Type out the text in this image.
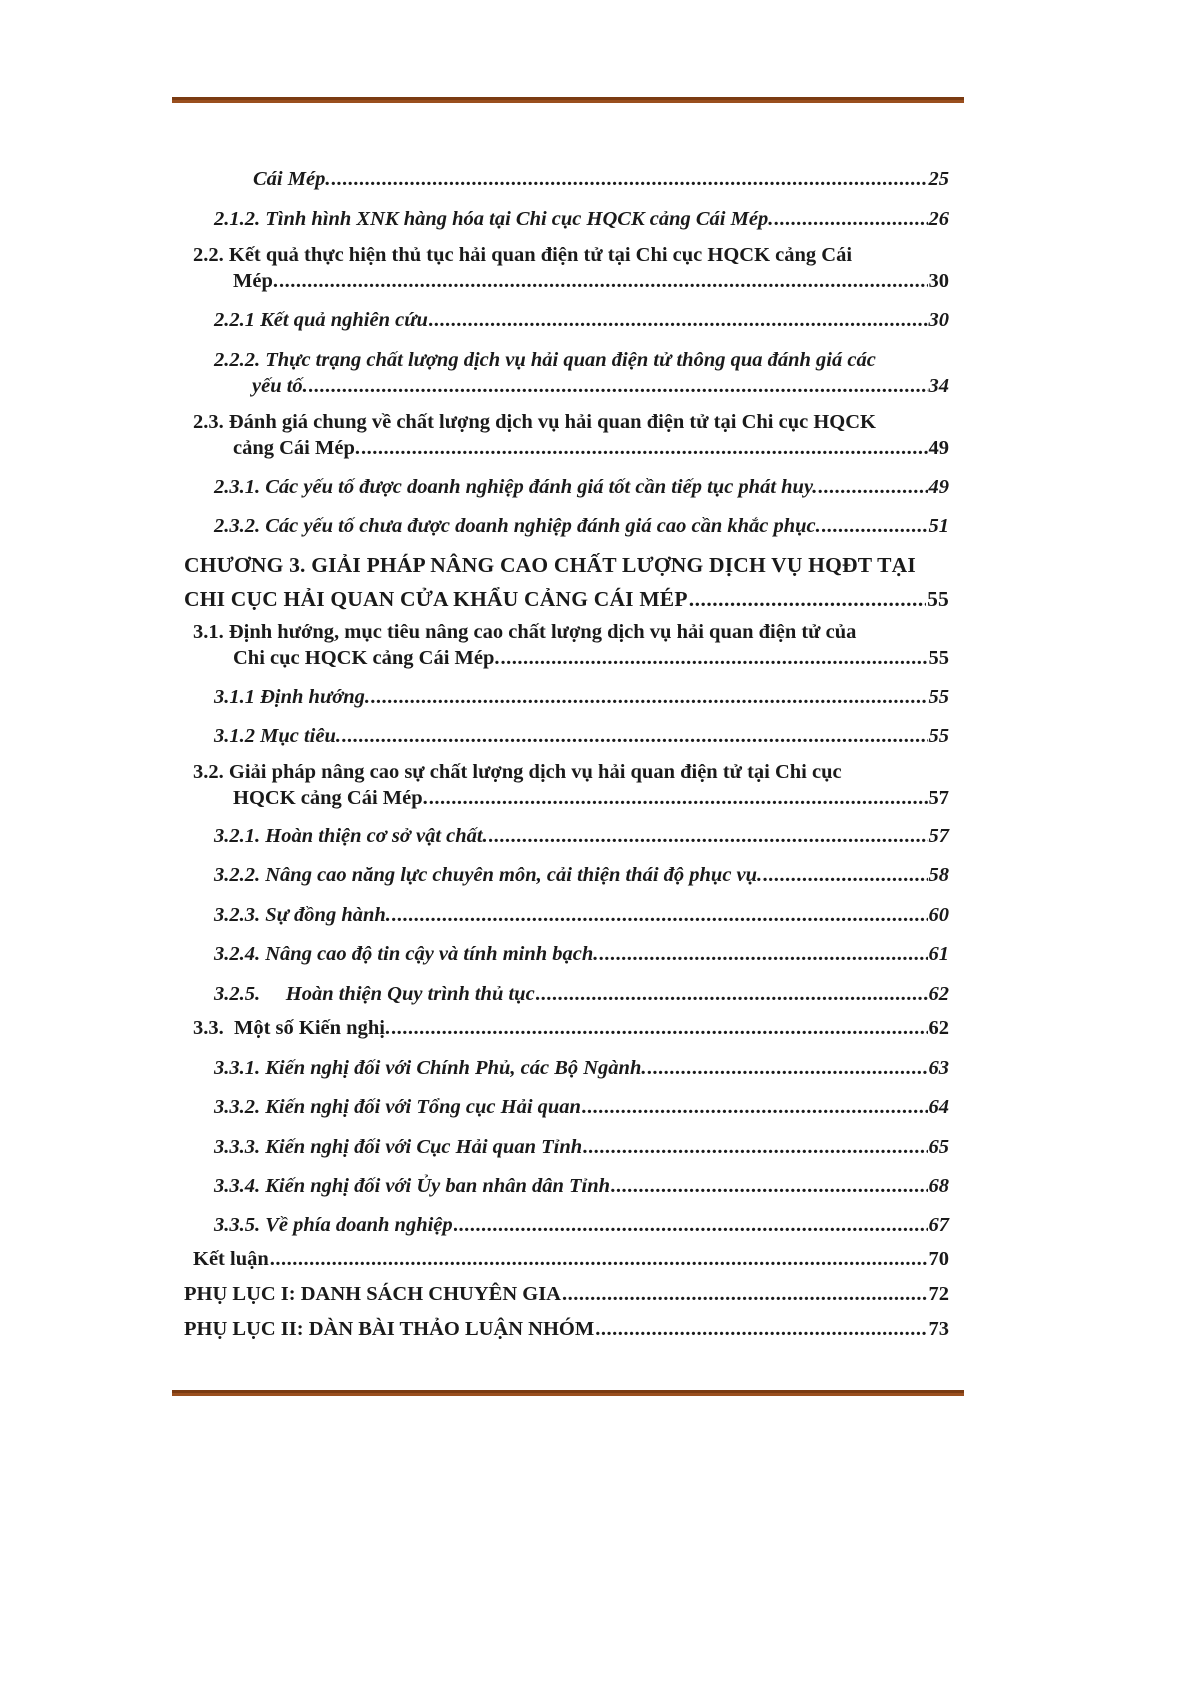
Cái Mép. .....	25
2.1.2. Tình hình XNK hàng hóa tại Chi cục HQCK cảng Cái Mép. .....	26
2.2. Kết quả thực hiện thủ tục hải quan điện tử tại Chi cục HQCK cảng Cái
Mép. .....	30
2.2.1 Kết quả nghiên cứu .....	30
2.2.2. Thực trạng chất lượng dịch vụ hải quan điện tử thông qua đánh giá các
yếu tố. .....	34
2.3. Đánh giá chung về chất lượng dịch vụ hải quan điện tử tại Chi cục HQCK
cảng Cái Mép. .....	49
2.3.1. Các yếu tố được doanh nghiệp đánh giá tốt cần tiếp tục phát huy. .....	49
2.3.2. Các yếu tố chưa được doanh nghiệp đánh giá cao cần khắc phục. .....	51
CHƯƠNG 3. GIẢI PHÁP NÂNG CAO CHẤT LƯỢNG DỊCH VỤ HQĐT TẠI
CHI CỤC HẢI QUAN CỬA KHẨU CẢNG CÁI MÉP .....	55
3.1. Định hướng, mục tiêu nâng cao chất lượng dịch vụ hải quan điện tử của
Chi cục HQCK cảng Cái Mép. .....	55
3.1.1 Định hướng. .....	55
3.1.2 Mục tiêu. .....	55
3.2. Giải pháp nâng cao sự chất lượng dịch vụ hải quan điện tử tại Chi cục
HQCK cảng Cái Mép. .....	57
3.2.1. Hoàn thiện cơ sở vật chất. .....	57
3.2.2. Nâng cao năng lực chuyên môn, cải thiện thái độ phục vụ. .....	58
3.2.3. Sự đồng hành. .....	60
3.2.4. Nâng cao độ tin cậy và tính minh bạch. .....	61
3.2.5.     Hoàn thiện Quy trình thủ tục .....	62
3.3.  Một số Kiến nghị. .....	62
3.3.1. Kiến nghị đối với Chính Phủ, các Bộ Ngành. .....	63
3.3.2. Kiến nghị đối với Tổng cục Hải quan .....	64
3.3.3. Kiến nghị đối với Cục Hải quan Tỉnh .....	65
3.3.4. Kiến nghị đối với Ủy ban nhân dân Tỉnh .....	68
3.3.5. Về phía doanh nghiệp .....	67
Kết luận .....	70
PHỤ LỤC I: DANH SÁCH CHUYÊN GIA .....	72
PHỤ LỤC II: DÀN BÀI THẢO LUẬN NHÓM .....	73
